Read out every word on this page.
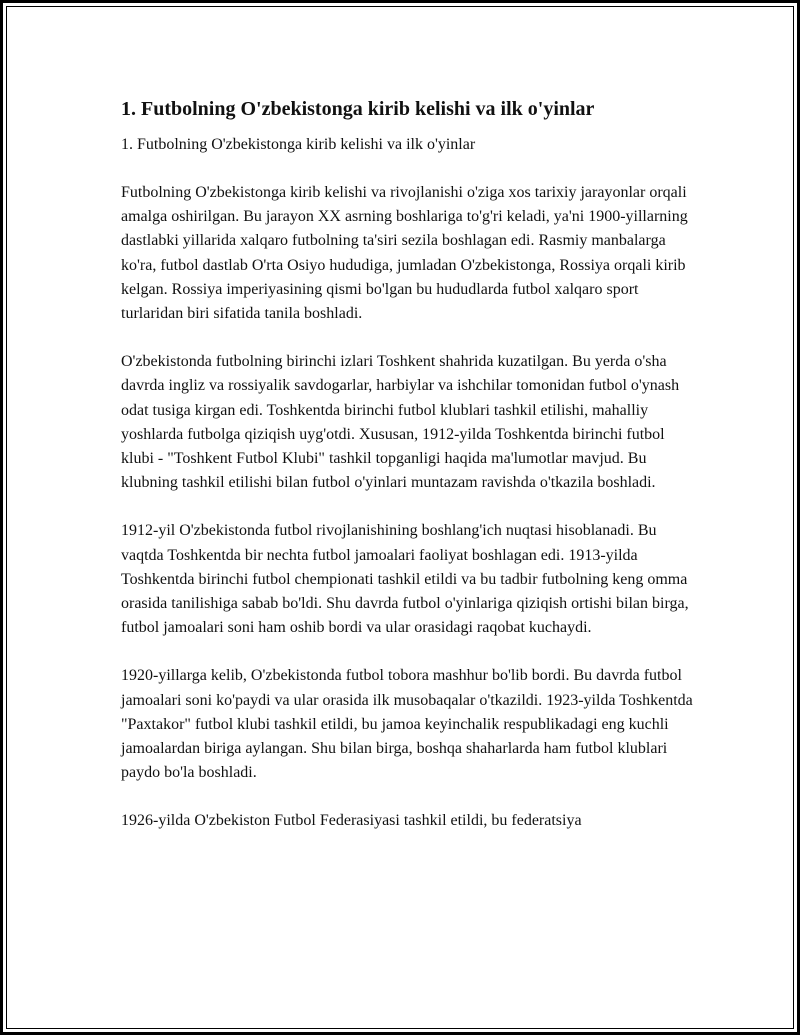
1. Futbolning O'zbekistonga kirib kelishi va ilk o'yinlar
1. Futbolning O'zbekistonga kirib kelishi va ilk o'yinlar

Futbolning O'zbekistonga kirib kelishi va rivojlanishi o'ziga xos tarixiy jarayonlar orqali amalga oshirilgan. Bu jarayon XX asrning boshlariga to'g'ri keladi, ya'ni 1900-yillarning dastlabki yillarida xalqaro futbolning ta'siri sezila boshlagan edi. Rasmiy manbalarga ko'ra, futbol dastlab O'rta Osiyo hududiga, jumladan O'zbekistonga, Rossiya orqali kirib kelgan. Rossiya imperiyasining qismi bo'lgan bu hududlarda futbol xalqaro sport turlaridan biri sifatida tanila boshladi.

O'zbekistonda futbolning birinchi izlari Toshkent shahrida kuzatilgan. Bu yerda o'sha davrda ingliz va rossiyalik savdogarlar, harbiylar va ishchilar tomonidan futbol o'ynash odat tusiga kirgan edi. Toshkentda birinchi futbol klublari tashkil etilishi, mahalliy yoshlarda futbolga qiziqish uyg'otdi. Xususan, 1912-yilda Toshkentda birinchi futbol klubi - "Toshkent Futbol Klubi" tashkil topganligi haqida ma'lumotlar mavjud. Bu klubning tashkil etilishi bilan futbol o'yinlari muntazam ravishda o'tkazila boshladi.

1912-yil O'zbekistonda futbol rivojlanishining boshlang'ich nuqtasi hisoblanadi. Bu vaqtda Toshkentda bir nechta futbol jamoalari faoliyat boshlagan edi. 1913-yilda Toshkentda birinchi futbol chempionati tashkil etildi va bu tadbir futbolning keng omma orasida tanilishiga sabab bo'ldi. Shu davrda futbol o'yinlariga qiziqish ortishi bilan birga, futbol jamoalari soni ham oshib bordi va ular orasidagi raqobat kuchaydi.

1920-yillarga kelib, O'zbekistonda futbol tobora mashhur bo'lib bordi. Bu davrda futbol jamoalari soni ko'paydi va ular orasida ilk musobaqalar o'tkazildi. 1923-yilda Toshkentda "Paxtakor" futbol klubi tashkil etildi, bu jamoa keyinchalik respublikadagi eng kuchli jamoalardan biriga aylangan. Shu bilan birga, boshqa shaharlarda ham futbol klublari paydo bo'la boshladi.

1926-yilda O'zbekiston Futbol Federasiyasi tashkil etildi, bu federatsiya
